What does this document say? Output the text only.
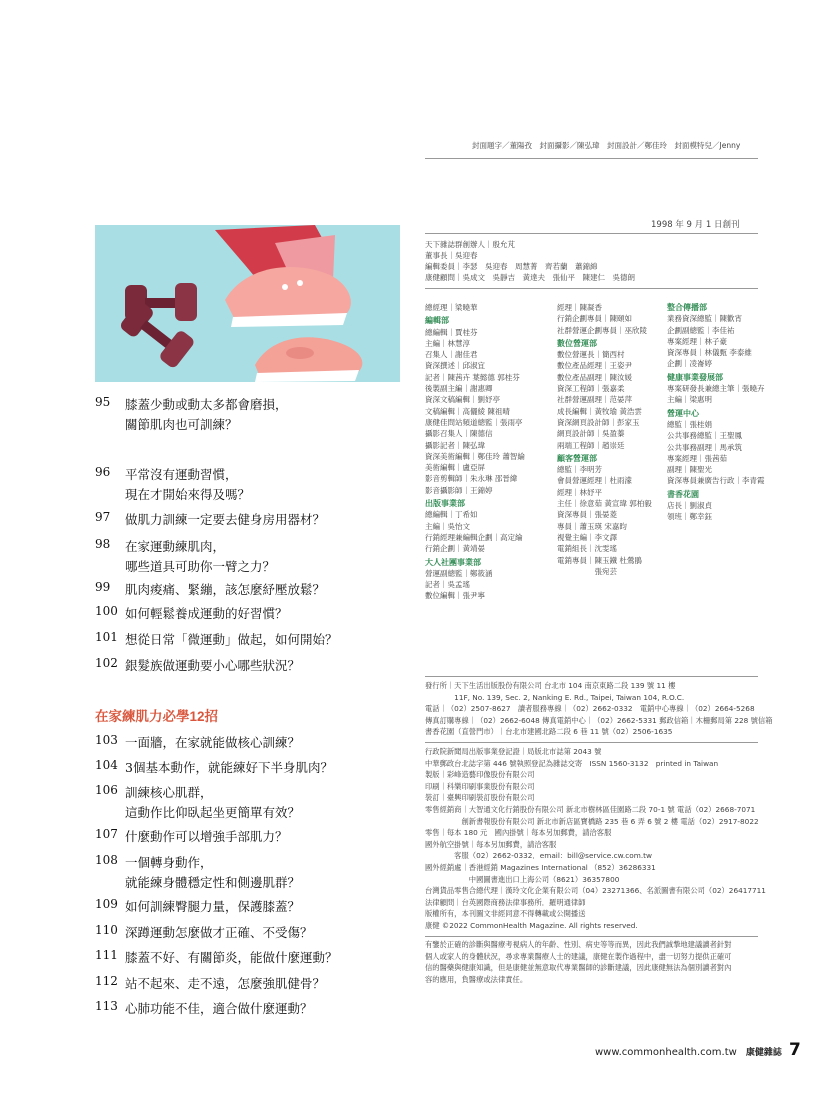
封面題字／董陽孜　封面攝影／陳弘瑋　封面設計／鄭佳玲　封面模特兒／Jenny
1998 年 9 月 1 日創刊
95 膝蓋少動或動太多都會磨損，
關節肌肉也可訓練？
96 平常沒有運動習慣，
現在才開始來得及嗎？
97 做肌力訓練一定要去健身房用器材？
98 在家運動練肌肉，
哪些道具可助你一臂之力？
99 肌肉痠痛、緊繃，該怎麼紓壓放鬆？
100 如何輕鬆養成運動的好習慣？
101 想從日常「微運動」做起，如何開始？
102 銀髮族做運動要小心哪些狀況？
在家練肌力必學12招
103 一面牆，在家就能做核心訓練？
104 3個基本動作，就能練好下半身肌肉？
106 訓練核心肌群，
這動作比仰臥起坐更簡單有效？
107 什麼動作可以增強手部肌力？
108 一個轉身動作，
就能練身體穩定性和側邊肌群？
109 如何訓練臀腿力量，保護膝蓋？
110 深蹲運動怎麼做才正確、不受傷？
111 膝蓋不好、有關節炎，能做什麼運動？
112 站不起來、走不遠，怎麼強肌健骨？
113 心肺功能不佳，適合做什麼運動？
天下雜誌群創辦人｜殷允芃
董事長｜吳迎春
編輯委員｜李瑟　吳迎春　周慧菁　齊若蘭　蕭錦綿
康健顧問｜吳成文　吳靜吉　黃達夫　張仙平　陳建仁　吳德朗
總經理｜梁曉華
編輯部
總編輯｜賈桂芬
主編｜林慧淳
召集人｜謝佳君
資深撰述｜邱淑宜
記者｜陳茜卉 葉懿德 郭桂芬
後製副主編｜謝惠卿
資深文稿編輯｜劉妤亭
文稿編輯｜高儷綾 陳祖晴
康健佳問站頻道總監｜張雨亭
攝影召集人｜陳德信
攝影記者｜陳弘瑋
資深美術編輯｜鄭佳玲 蕭智綸
美術編輯｜盧亞屏
影音剪輯師｜朱永琳 邵晉緯
影音攝影師｜王錦婷
出版事業部
總編輯｜丁希如
主編｜吳怡文
行銷經理兼編輯企劃｜高定綸
行銷企劃｜黃靖晏
大人社團事業部
營運副總監｜鄭筱涵
記者｜吳孟瑤
數位編輯｜張尹寧
經理｜陳凝香
行銷企劃專員｜陳頤如
社群營運企劃專員｜巫欣陵
數位營運部
數位營運長｜簡西村
數位產品經理｜王姿尹
數位產品副理｜陳汝媛
資深工程師｜張嘉柔
社群營運副理｜范晏萍
成長編輯｜黃牧瑜 黃浩雲
資深網頁設計師｜彭家玉
網頁設計師｜吳盈蓁
兩端工程師｜趙崇廷
顧客營運部
總監｜李明芳
會員營運經理｜杜雨濛
經理｜林妤平
主任｜徐意茹 黃宣瑋 郭柏毅
資深專員｜張晏菱
專員｜蕭玉瑛 宋嘉昀
視覺主編｜李文譯
電銷組長｜沈雯瑤
電銷專員｜陳玉鐵 杜鶯鵑
　　　　　張宛芸
整合傳播部
業務資深總監｜陳歡宵
企劃副總監｜李佳祐
專案經理｜林子豪
資深專員｜林儀甄 李泰維
企劃｜凌崙婷
健康事業發展部
專案研發長兼總主筆｜張曉卉
主編｜梁惠明
營運中心
總監｜張桂娟
公共事務總監｜王聖鳳
公共事務副理｜馬承筑
專案經理｜張茜茹
副理｜陳聖光
資深專員兼廣告行政｜李青霞
書香花園
店長｜劉淑貞
領班｜鄭幸鈺
發行所｜天下生活出版股份有限公司 台北市 104 南京東路二段 139 號 11 樓
　　　　11F, No. 139, Sec. 2, Nanking E. Rd., Taipei, Taiwan 104, R.O.C.
電話｜（02）2507-8627　讀者服務專線｜（02）2662-0332　電銷中心專線｜（02）2664-5268
傳真訂購專線｜（02）2662-6048 傳真電銷中心｜（02）2662-5331 郵政信箱｜木柵郵局第 228 號信箱
書香花園（直營門市）｜台北市建國北路二段 6 巷 11 號（02）2506-1635
行政院新聞局出版事業登記證｜局版北市誌第 2043 號
中華郵政台北誌字第 446 號執照登記為雜誌交寄　ISSN 1560-3132　printed in Taiwan
製版｜彩峰造藝印像股份有限公司
印刷｜科樂印刷事業股份有限公司
裝訂｜臺興印刷裝訂股份有限公司
零售經銷商｜大智通文化行銷股份有限公司 新北市樹林區佳園路二段 70-1 號 電話（02）2668-7071
　　　　　創新書報股份有限公司 新北市新店區寶橋路 235 巷 6 弄 6 號 2 樓 電話（02）2917-8022
零售｜每本 180 元　國內掛號｜每本另加郵費，請洽客服
國外航空掛號｜每本另加郵費，請洽客服
　　　　客服（02）2662-0332．email：bill@service.cw.com.tw
國外經銷處｜香港經銷 Magazines International （852）36286331
　　　　　　中國圖書進出口上海公司（8621）36357800
台灣貨品零售合總代理｜漢玲文化企業有限公司（04）23271366、名派圖書有限公司（02）26417711
法律顧問｜台英國際商務法律事務所．羅明通律師
版權所有，本刊圖文非經同意不得轉載或公開播送
康健 ©2022 CommonHealth Magazine. All rights reserved.
有鑒於正確的診斷與醫療考視病人的年齡、性別、病史等等而異，因此我們誠摯地建議讀者針對
個人或家人的身體狀況，尋求專業醫療人士的建議，康健在製作過程中，盡一切努力提供正確可
信的醫藥與健康知識，但是康健並無意取代專業醫師的診斷建議，因此康健無法為個別讀者對內
容的應用，負醫療或法律責任。
www.commonhealth.com.tw 康健雜誌 7
